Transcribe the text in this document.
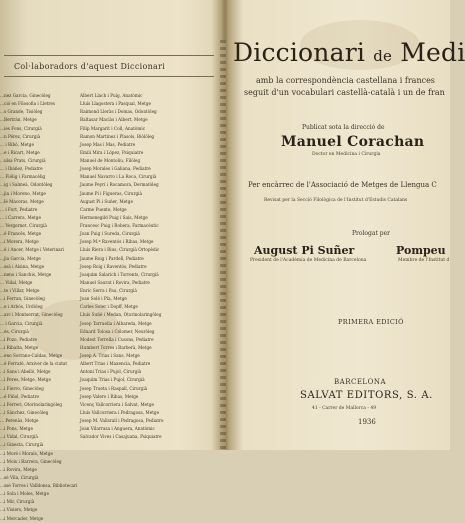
Col·laboradors d'aquest Diccionari
...nez Garcia, Ginecòleg
...ció en Filosofia i Lletres
...s Grande, Tisiòleg
...Bertrán, Metge
...ies Fons, Cirurgià
...n Pérez, Cirurgià
... i Ribó, Metge
...e i Ricart, Metge
...ulsa Prats, Cirurgià
... i Ibáñez, Pediatre
... Fiólig i Farmacèlig
...ig i Salmeà, Odontòleg
...jia i Moreno, Metge
...lé Maceras, Metge
... i Fort, Pediatre
... i Carrera, Metge
... Vergernet, Cirurgià
...é Francès, Metge
...i Morera, Metge
...é i Ancer, Metge i Veterinari
...jia Garcia, Metge
...ssà i Alsina, Metge
...neno i Sanchis, Metge
... Vidal, Metge
...te i Villar, Metge
...i Ferran, Ginecòleg
...e i Arbós, Urdòleg
...arc i Montserrat, Ginecòleg
... i Garcia, Cirurgià
...és, Cirurgià
...i Pozo, Pediatre
...i Ribalta, Metge
...eno Sorrano-Caldas, Metge
...é Ferraté, Arxiver de la ciutat
...i Sans i Abelló, Metge
...i Peres, Metge, Metge
...i Fierro, Ginecòleg
...é Piñol, Pediatre
...i Ferreri, Otorinolaringòleg
...i Sánchez, Ginecòleg
... Perenàs, Metge
...i Pons, Metge
...i Vidal, Cirurgià
...i Ginesta, Cirurgià
...i Moré i Morais, Metge
...i Moix i Barrera, Ginecòleg
...i Rovira, Metge
...sé Vila, Cirurgià
...ssé Torres i Valldonsa, Bibliotecari
...i Sola i Moles, Metge
...i Mir, Cirurgià
...i Visiers, Metge
...i Mercader, Metge
Albert Llach i Puig, Anatòmic
Lluís Llagostera i Pasqual, Metge
Raimond Lleràs i Domas, Odontòleg
Baltasar Maciàs i Albert, Metge
Filip Margarit i Coll, Anatòmic
Ramon Martínez i Plasols, Biòlòleg
Josep Mas i Mas, Pediatre
Emili Mira i López, Psiquiatre
Manuel de Montoliu, Filòleg
Josep Morales i Galiana, Pediatre
Manuel Navarro i La Roca, Cirurgià
Jaume Peyrí i Rocamora, Dermatòleg
Jaume Pi i Figueras, Cirurgià
August Pi i Suñer, Metge
Carme Puente, Metge
Hermenegild Puig i Sais, Metge
Francesc Puig i Robera, Farmacèutic
Joan Puig i Sureda, Cirurgià
Josep M.ª Raventós i Ribas, Metge
Lluís Riera i Rius, Cirurgià Ortopèdic
Jaume Roig i Pardell, Pediatre
Josep Roig i Raventós, Pediatre
Joaquim Salarich i Torrents, Cirurgià
Manuel Saurat i Rovira, Pediatre
Enric Serra i Pau, Cirurgià
Joan Solé i Pla, Metge
Carles Soler i Dopff, Metge
Lluís Suñé i Medan, Otorinolaringòleg
Josep Tarruella i Albareda, Metge
Eduard Tolosa i Colomer, Neuròleg
Modest Torrella i Cusons, Pediatre
Humbert Torres i Barberà, Metge
Josep A. Trias i Sans, Metge
Albert Trias i Maxencia, Pediatre
Antoni Trias i Pujol, Cirurgià
Joaquim Trias i Pujol, Cirurgià
Josep Trueta i Raspall, Cirurgià
Josep Valero i Ribas, Metge
Vicenç Vallcorriera i Salvat, Metge
Lluís Vallcorriera i Pedragosa, Metge
Josep M. Vallsrall i Pedragosa, Pediatre
Joan Vilarrasa i Anguera, Anatòmic
Salvador Vives i Casajuana, Psiquiatre
Diccionari de Medi
amb la correspondència castellana i frances
seguit d'un vocabulari castellà-català i un de fran
Publicat sota la direcció de
Manuel Corachan
Doctor en Medicina i Cirurgia
Per encàrrec de l'Associació de Metges de Llengua C
Revisat per la Secció Filològica de l'Institut d'Estudis Catalans
Prologat per
August Pi Suñer
President de l'Acadèmia de Medicina de Barcelona
Pompeu
Membre de l'Institut d
PRIMERA EDICIÓ
BARCELONA
SALVAT EDITORS, S. A.
41 - Carrer de Mallorca - 49
1936
